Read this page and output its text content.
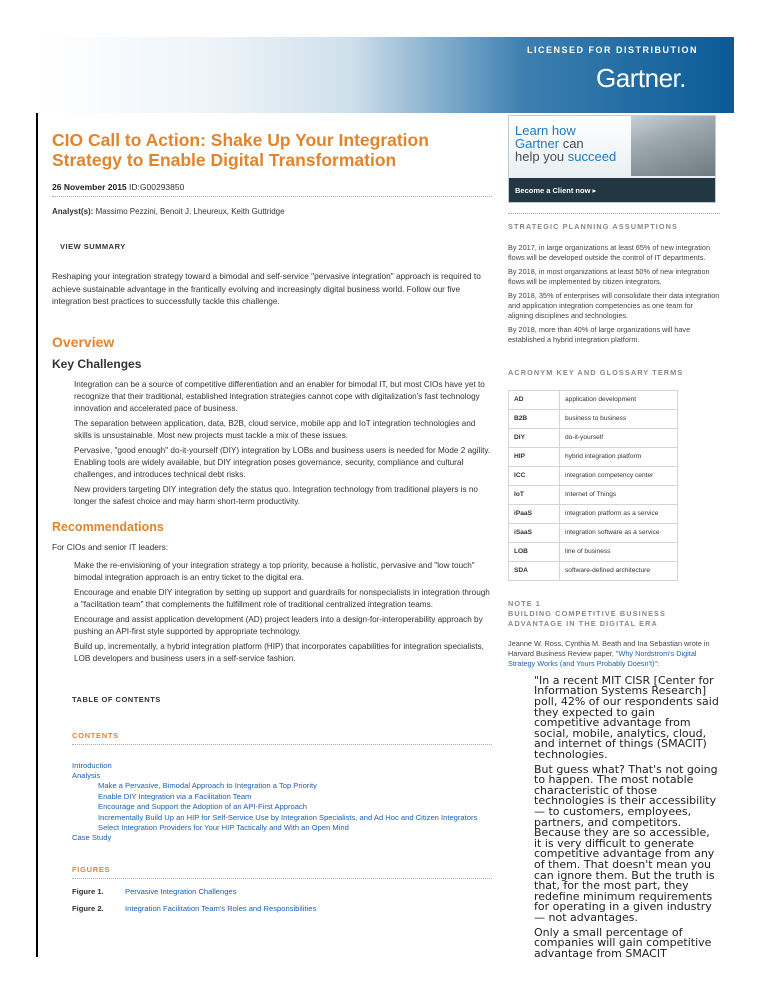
LICENSED FOR DISTRIBUTION
Gartner.
CIO Call to Action: Shake Up Your Integration Strategy to Enable Digital Transformation
26 November 2015 ID:G00293850
Analyst(s): Massimo Pezzini, Benoit J. Lheureux, Keith Guttridge
VIEW SUMMARY

Reshaping your integration strategy toward a bimodal and self-service "pervasive integration" approach is required to achieve sustainable advantage in the frantically evolving and increasingly digital business world. Follow our five integration best practices to successfully tackle this challenge.

Overview
Key Challenges

Integration can be a source of competitive differentiation and an enabler for bimodal IT, but most CIOs have yet to recognize that their traditional, established integration strategies cannot cope with digitalization's fast technology innovation and accelerated pace of business.

The separation between application, data, B2B, cloud service, mobile app and IoT integration technologies and skills is unsustainable. Most new projects must tackle a mix of these issues.

Pervasive, "good enough" do-it-yourself (DIY) integration by LOBs and business users is needed for Mode 2 agility. Enabling tools are widely available, but DIY integration poses governance, security, compliance and cultural challenges, and introduces technical debt risks.

New providers targeting DIY integration defy the status quo. Integration technology from traditional players is no longer the safest choice and may harm short-term productivity.

Recommendations

For CIOs and senior IT leaders:

Make the re-envisioning of your integration strategy a top priority, because a holistic, pervasive and "low touch" bimodal integration approach is an entry ticket to the digital era.

Encourage and enable DIY integration by setting up support and guardrails for nonspecialists in integration through a "facilitation team" that complements the fulfillment role of traditional centralized integration teams.

Encourage and assist application development (AD) project leaders into a design-for-interoperability approach by pushing an API-first style supported by appropriate technology.

Build up, incrementally, a hybrid integration platform (HIP) that incorporates capabilities for integration specialists, LOB developers and business users in a self-service fashion.

TABLE OF CONTENTS
CONTENTS
Introduction
Analysis
Make a Pervasive, Bimodal Approach to Integration a Top Priority
Enable DIY Integration via a Facilitation Team
Encourage and Support the Adoption of an API-First Approach
Incrementally Build Up an HIP for Self-Service Use by Integration Specialists, and Ad Hoc and Citizen Integrators
Select Integration Providers for Your HIP Tactically and With an Open Mind
Case Study
FIGURES
Figure 1.	Pervasive Integration Challenges
Figure 2.	Integration Facilitation Team's Roles and Responsibilities
Learn how
Gartner can
help you succeed
Become a Client now ▸
STRATEGIC PLANNING ASSUMPTIONS

By 2017, in large organizations at least 65% of new integration flows will be developed outside the control of IT departments.

By 2018, in most organizations at least 50% of new integration flows will be implemented by citizen integrators.

By 2018, 35% of enterprises will consolidate their data integration and application integration competencies as one team for aligning disciplines and technologies.

By 2018, more than 40% of large organizations will have established a hybrid integration platform.

ACRONYM KEY AND GLOSSARY TERMS
AD	application development
B2B	business to business
DIY	do-it-yourself
HIP	hybrid integration platform
ICC	integration competency center
IoT	Internet of Things
iPaaS	integration platform as a service
iSaaS	integration software as a service
LOB	line of business
SDA	software-defined architecture
NOTE 1
BUILDING COMPETITIVE BUSINESS ADVANTAGE IN THE DIGITAL ERA
Jeanne W. Ross, Cynthia M. Beath and Ina Sebastian wrote in Harvard Business Review paper, "Why Nordstrom's Digital Strategy Works (and Yours Probably Doesn't)":

"In a recent MIT CISR [Center for Information Systems Research] poll, 42% of our respondents said they expected to gain competitive advantage from social, mobile, analytics, cloud, and internet of things (SMACIT) technologies.

But guess what? That's not going to happen. The most notable characteristic of those technologies is their accessibility — to customers, employees, partners, and competitors. Because they are so accessible, it is very difficult to generate competitive advantage from any of them. That doesn't mean you can ignore them. But the truth is that, for the most part, they redefine minimum requirements for operating in a given industry — not advantages.

Only a small percentage of companies will gain competitive advantage from SMACIT
